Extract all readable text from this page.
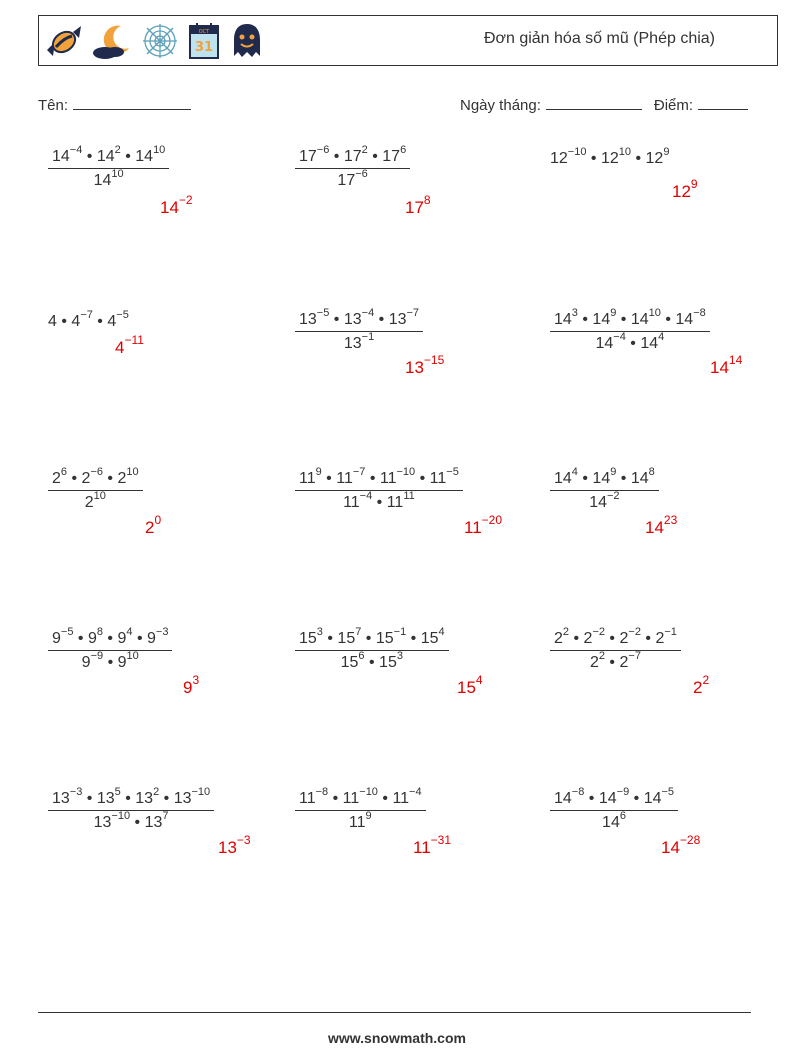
OCT
31
Đơn giản hóa số mũ (Phép chia)
Tên:	Ngày tháng:	Điểm:
$\frac{14^{-4} • 14^2 • 14^{10}}{14^{10}}$
$14^{-2}$
$\frac{17^{-6} • 17^2 • 17^6}{17^{-6}}$
$17^8$
$12^{-10}$ • $12^{10}$ • $12^9$
$12^9$
4 • $4^{-7}$ • $4^{-5}$
$4^{-11}$	$\frac{13^{-5} • 13^{-4} • 13^{-7}}{13^{-1}}$
$13^{-15}$
$\frac{14^3 • 14^9 • 14^{10} • 14^{-8}}{14^{-4} • 14^4}$
$14^{14}$
$\frac{2^6 • 2^{-6} • 2^{10}}{2^{10}}$
$2^0$
$\frac{11^9 • 11^{-7} • 11^{-10} • 11^{-5}}{11^{-4} • 11^{11}}$
$11^{-20}$
$\frac{14^4 • 14^9 • 14^8}{14^{-2}}$
$14^{23}$
$\frac{9^{-5} • 9^8 • 9^4 • 9^{-3}}{9^{-9} • 9^{10}}$
$9^3$
$\frac{15^3 • 15^7 • 15^{-1} • 15^4}{15^6 • 15^3}$
$15^4$
$\frac{2^2 • 2^{-2} • 2^{-2} • 2^{-1}}{2^2 • 2^{-7}}$
$2^2$
$\frac{13^{-3} • 13^5 • 13^2 • 13^{-10}}{13^{-10} • 13^7}$
$13^{-3}$
$\frac{11^{-8} • 11^{-10} • 11^{-4}}{11^9}$
$11^{-31}$
$\frac{14^{-8} • 14^{-9} • 14^{-5}}{14^6}$
$14^{-28}$
www.snowmath.com
